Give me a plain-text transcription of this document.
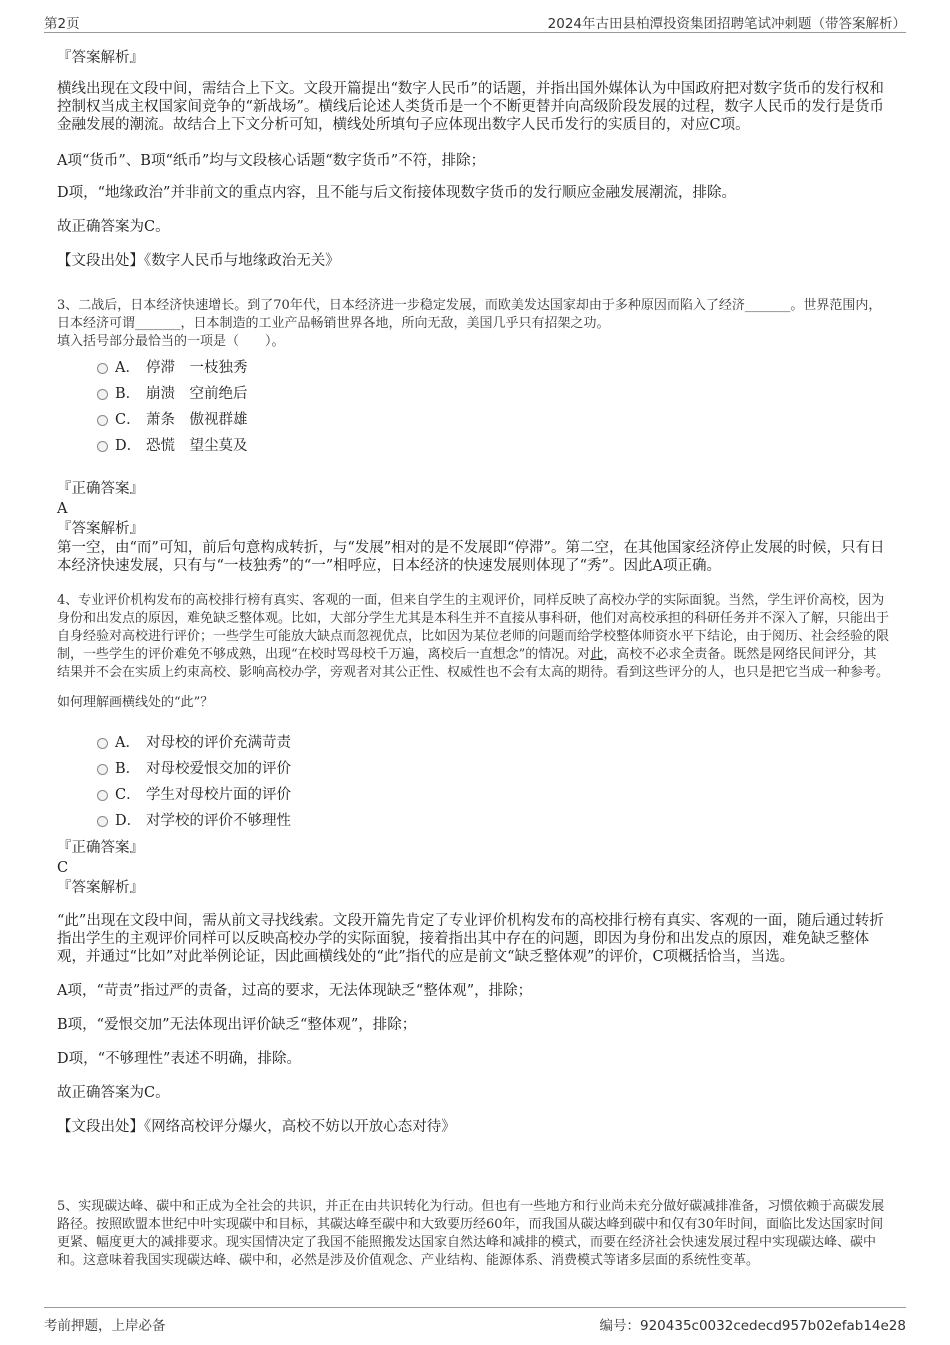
第2页	2024年古田县柏潭投资集团招聘笔试冲刺题（带答案解析）

『答案解析』

横线出现在文段中间，需结合上下文。文段开篇提出“数字人民币”的话题，并指出国外媒体认为中国政府把对数字货币的发行权和控制权当成主权国家间竞争的“新战场”。横线后论述人类货币是一个不断更替并向高级阶段发展的过程，数字人民币的发行是货币金融发展的潮流。故结合上下文分析可知，横线处所填句子应体现出数字人民币发行的实质目的，对应C项。

A项“货币”、B项“纸币”均与文段核心话题“数字货币”不符，排除；

D项，“地缘政治”并非前文的重点内容，且不能与后文衔接体现数字货币的发行顺应金融发展潮流，排除。

故正确答案为C。

【文段出处】《数字人民币与地缘政治无关》

3、二战后，日本经济快速增长。到了70年代，日本经济进一步稳定发展，而欧美发达国家却由于多种原因而陷入了经济_______。世界范围内，日本经济可谓_______，日本制造的工业产品畅销世界各地，所向无敌，美国几乎只有招架之功。

填入括号部分最恰当的一项是（　　）。

A． 停滞　一枝独秀
B． 崩溃　空前绝后
C． 萧条　傲视群雄
D． 恐慌　望尘莫及

『正确答案』

A

『答案解析』

第一空，由“而”可知，前后句意构成转折，与“发展”相对的是不发展即“停滞”。第二空，在其他国家经济停止发展的时候，只有日本经济快速发展，只有与“一枝独秀”的“一”相呼应，日本经济的快速发展则体现了“秀”。因此A项正确。

4、专业评价机构发布的高校排行榜有真实、客观的一面，但来自学生的主观评价，同样反映了高校办学的实际面貌。当然，学生评价高校，因为身份和出发点的原因，难免缺乏整体观。比如，大部分学生尤其是本科生并不直接从事科研，他们对高校承担的科研任务并不深入了解，只能出于自身经验对高校进行评价；一些学生可能放大缺点而忽视优点，比如因为某位老师的问题而给学校整体师资水平下结论，由于阅历、社会经验的限制，一些学生的评价难免不够成熟，出现“在校时骂母校千万遍，离校后一直想念”的情况。对此，高校不必求全责备。既然是网络民间评分，其结果并不会在实质上约束高校、影响高校办学，旁观者对其公正性、权威性也不会有太高的期待。看到这些评分的人，也只是把它当成一种参考。

如何理解画横线处的“此”？

A． 对母校的评价充满苛责
B． 对母校爱恨交加的评价
C． 学生对母校片面的评价
D． 对学校的评价不够理性

『正确答案』

C

『答案解析』

“此”出现在文段中间，需从前文寻找线索。文段开篇先肯定了专业评价机构发布的高校排行榜有真实、客观的一面，随后通过转折指出学生的主观评价同样可以反映高校办学的实际面貌，接着指出其中存在的问题，即因为身份和出发点的原因，难免缺乏整体观，并通过“比如”对此举例论证，因此画横线处的“此”指代的应是前文“缺乏整体观”的评价，C项概括恰当，当选。

A项，“苛责”指过严的责备，过高的要求，无法体现缺乏“整体观”，排除；

B项，“爱恨交加”无法体现出评价缺乏“整体观”，排除；

D项，“不够理性”表述不明确，排除。

故正确答案为C。

【文段出处】《网络高校评分爆火，高校不妨以开放心态对待》

5、实现碳达峰、碳中和正成为全社会的共识，并正在由共识转化为行动。但也有一些地方和行业尚未充分做好碳减排准备，习惯依赖于高碳发展路径。按照欧盟本世纪中叶实现碳中和目标，其碳达峰至碳中和大致要历经60年，而我国从碳达峰到碳中和仅有30年时间，面临比发达国家时间更紧、幅度更大的减排要求。现实国情决定了我国不能照搬发达国家自然达峰和减排的模式，而要在经济社会快速发展过程中实现碳达峰、碳中和。这意味着我国实现碳达峰、碳中和，必然是涉及价值观念、产业结构、能源体系、消费模式等诸多层面的系统性变革。

考前押题，上岸必备	编号：920435c0032cedecd957b02efab14e28
